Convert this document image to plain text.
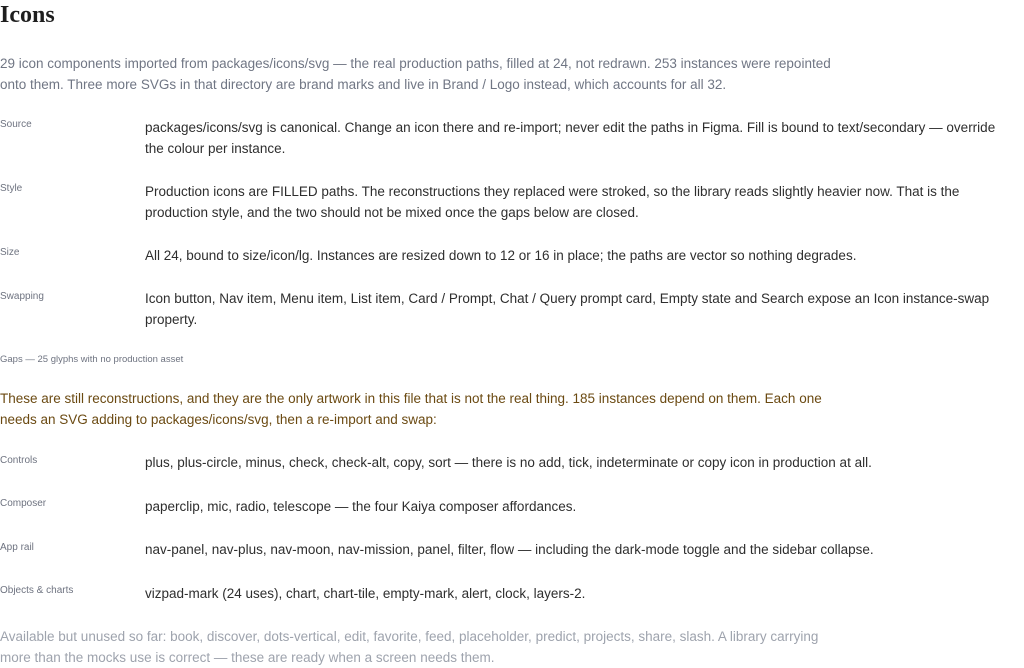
Icons
29 icon components imported from packages/icons/svg — the real production paths, filled at 24, not redrawn. 253 instances were repointed
onto them. Three more SVGs in that directory are brand marks and live in Brand / Logo instead, which accounts for all 32.
Source	packages/icons/svg is canonical. Change an icon there and re-import; never edit the paths in Figma. Fill is bound to text/secondary — override
the colour per instance.
Style	Production icons are FILLED paths. The reconstructions they replaced were stroked, so the library reads slightly heavier now. That is the
production style, and the two should not be mixed once the gaps below are closed.
Size	All 24, bound to size/icon/lg. Instances are resized down to 12 or 16 in place; the paths are vector so nothing degrades.
Swapping	Icon button, Nav item, Menu item, List item, Card / Prompt, Chat / Query prompt card, Empty state and Search expose an Icon instance-swap
property.
Gaps — 25 glyphs with no production asset
These are still reconstructions, and they are the only artwork in this file that is not the real thing. 185 instances depend on them. Each one
needs an SVG adding to packages/icons/svg, then a re-import and swap:
Controls	plus, plus-circle, minus, check, check-alt, copy, sort — there is no add, tick, indeterminate or copy icon in production at all.
Composer	paperclip, mic, radio, telescope — the four Kaiya composer affordances.
App rail	nav-panel, nav-plus, nav-moon, nav-mission, panel, filter, flow — including the dark-mode toggle and the sidebar collapse.
Objects & charts	vizpad-mark (24 uses), chart, chart-tile, empty-mark, alert, clock, layers-2.
Available but unused so far: book, discover, dots-vertical, edit, favorite, feed, placeholder, predict, projects, share, slash. A library carrying
more than the mocks use is correct — these are ready when a screen needs them.
